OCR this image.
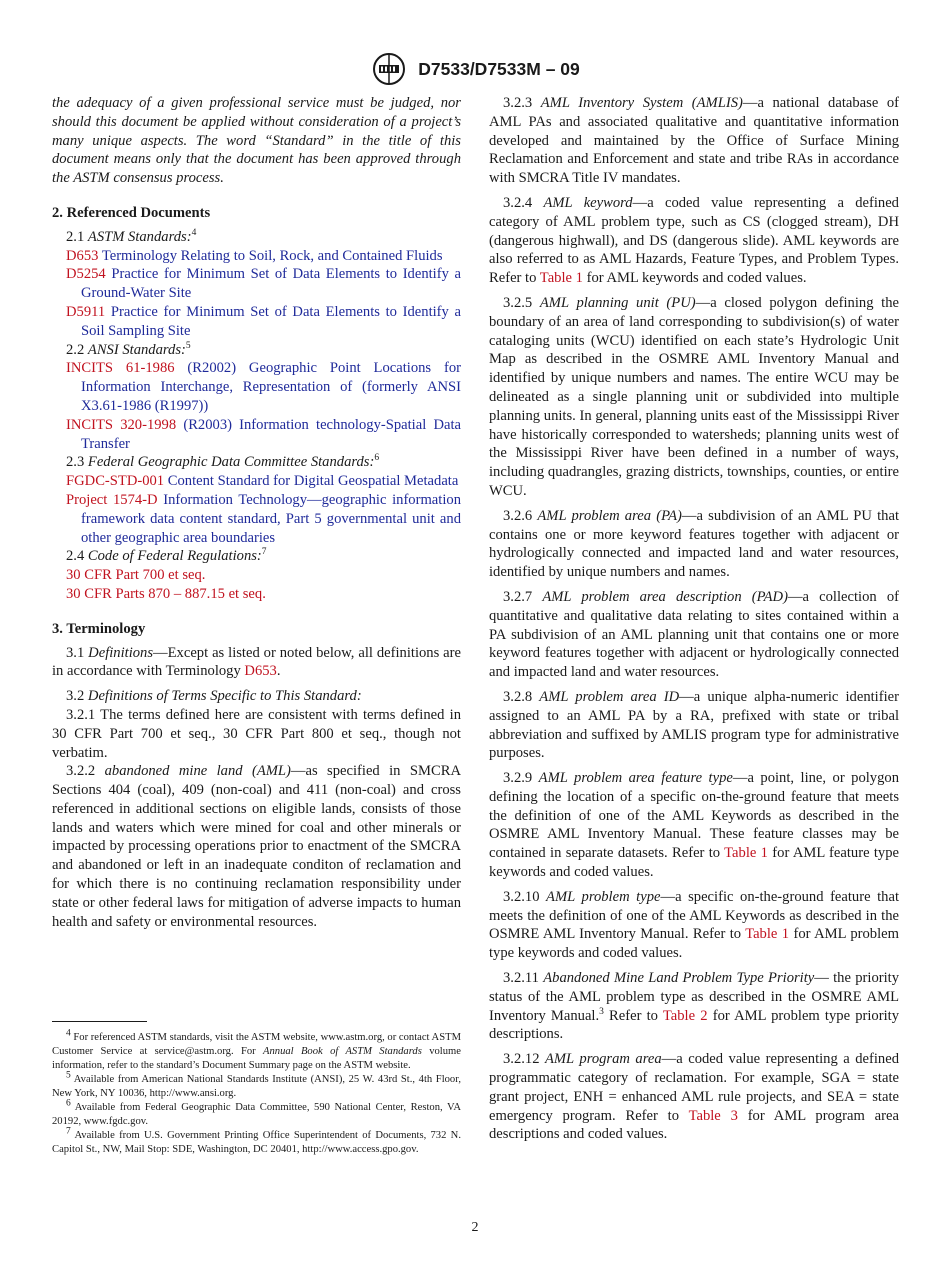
D7533/D7533M – 09

the adequacy of a given professional service must be judged, nor should this document be applied without consideration of a project’s many unique aspects. The word “Standard” in the title of this document means only that the document has been approved through the ASTM consensus process.

2. Referenced Documents

2.1 ASTM Standards:$^4$

D653 Terminology Relating to Soil, Rock, and Contained Fluids

D5254 Practice for Minimum Set of Data Elements to Identify a Ground-Water Site

D5911 Practice for Minimum Set of Data Elements to Identify a Soil Sampling Site

2.2 ANSI Standards:$^5$

INCITS 61-1986 (R2002) Geographic Point Locations for Information Interchange, Representation of (formerly ANSI X3.61-1986 (R1997))

INCITS 320-1998 (R2003) Information technology-Spatial Data Transfer

2.3 Federal Geographic Data Committee Standards:$^6$

FGDC-STD-001 Content Standard for Digital Geospatial Metadata

Project 1574-D Information Technology—geographic information framework data content standard, Part 5 governmental unit and other geographic area boundaries

2.4 Code of Federal Regulations:$^7$

30 CFR Part 700 et seq.

30 CFR Parts 870 – 887.15 et seq.

3. Terminology

3.1 Definitions—Except as listed or noted below, all definitions are in accordance with Terminology D653.

3.2 Definitions of Terms Specific to This Standard:

3.2.1 The terms defined here are consistent with terms defined in 30 CFR Part 700 et seq., 30 CFR Part 800 et seq., though not verbatim.

3.2.2 abandoned mine land (AML)—as specified in SMCRA Sections 404 (coal), 409 (non-coal) and 411 (non-coal) and cross referenced in additional sections on eligible lands, consists of those lands and waters which were mined for coal and other minerals or impacted by processing operations prior to enactment of the SMCRA and abandoned or left in an inadequate conditon of reclamation and for which there is no continuing reclamation responsibility under state or other federal laws for mitigation of adverse impacts to human health and safety or environmental resources.

$^4$ For referenced ASTM standards, visit the ASTM website, www.astm.org, or contact ASTM Customer Service at service@astm.org. For Annual Book of ASTM Standards volume information, refer to the standard’s Document Summary page on the ASTM website.

$^5$ Available from American National Standards Institute (ANSI), 25 W. 43rd St., 4th Floor, New York, NY 10036, http://www.ansi.org.

$^6$ Available from Federal Geographic Data Committee, 590 National Center, Reston, VA 20192, www.fgdc.gov.

$^7$ Available from U.S. Government Printing Office Superintendent of Documents, 732 N. Capitol St., NW, Mail Stop: SDE, Washington, DC 20401, http://www.access.gpo.gov.

3.2.3 AML Inventory System (AMLIS)—a national database of AML PAs and associated qualitative and quantitative information developed and maintained by the Office of Surface Mining Reclamation and Enforcement and state and tribe RAs in accordance with SMCRA Title IV mandates.

3.2.4 AML keyword—a coded value representing a defined category of AML problem type, such as CS (clogged stream), DH (dangerous highwall), and DS (dangerous slide). AML keywords are also referred to as AML Hazards, Feature Types, and Problem Types. Refer to Table 1 for AML keywords and coded values.

3.2.5 AML planning unit (PU)—a closed polygon defining the boundary of an area of land corresponding to subdivision(s) of water cataloging units (WCU) identified on each state’s Hydrologic Unit Map as described in the OSMRE AML Inventory Manual and identified by unique numbers and names. The entire WCU may be delineated as a single planning unit or subdivided into multiple planning units. In general, planning units east of the Mississippi River have historically corresponded to watersheds; planning units west of the Mississippi River have been defined in a number of ways, including quadrangles, grazing districts, townships, counties, or entire WCU.

3.2.6 AML problem area (PA)—a subdivision of an AML PU that contains one or more keyword features together with adjacent or hydrologically connected and impacted land and water resources, identified by unique numbers and names.

3.2.7 AML problem area description (PAD)—a collection of quantitative and qualitative data relating to sites contained within a PA subdivision of an AML planning unit that contains one or more keyword features together with adjacent or hydrologically connected and impacted land and water resources.

3.2.8 AML problem area ID—a unique alpha-numeric identifier assigned to an AML PA by a RA, prefixed with state or tribal abbreviation and suffixed by AMLIS program type for administrative purposes.

3.2.9 AML problem area feature type—a point, line, or polygon defining the location of a specific on-the-ground feature that meets the definition of one of the AML Keywords as described in the OSMRE AML Inventory Manual. These feature classes may be contained in separate datasets. Refer to Table 1 for AML feature type keywords and coded values.

3.2.10 AML problem type—a specific on-the-ground feature that meets the definition of one of the AML Keywords as described in the OSMRE AML Inventory Manual. Refer to Table 1 for AML problem type keywords and coded values.

3.2.11 Abandoned Mine Land Problem Type Priority— the priority status of the AML problem type as described in the OSMRE AML Inventory Manual.$^3$ Refer to Table 2 for AML problem type priority descriptions.

3.2.12 AML program area—a coded value representing a defined programmatic category of reclamation. For example, SGA = state grant project, ENH = enhanced AML rule projects, and SEA = state emergency program. Refer to Table 3 for AML program area descriptions and coded values.

2
